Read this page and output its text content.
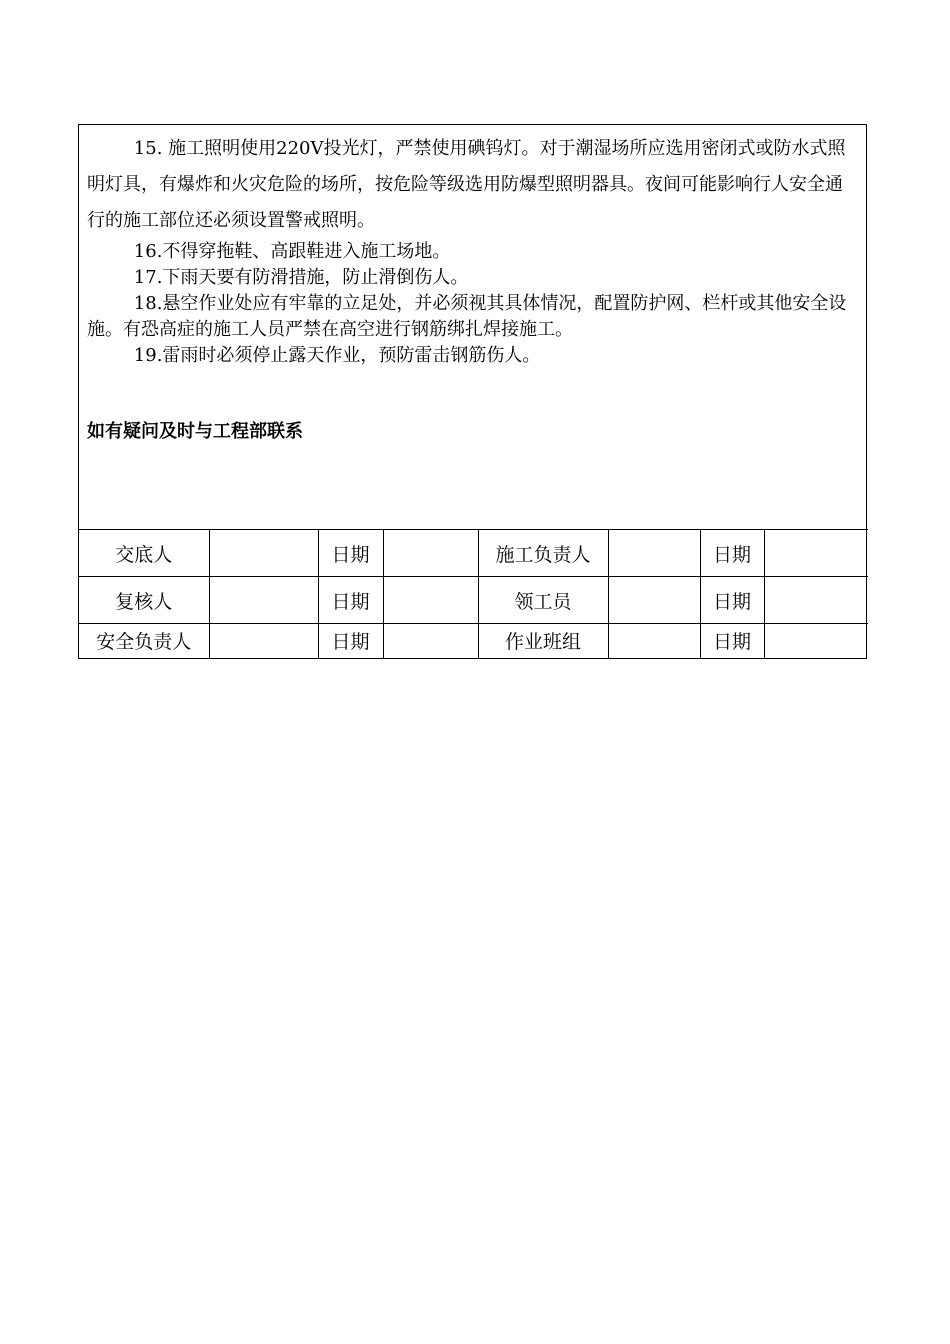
15. 施工照明使用220V投光灯，严禁使用碘钨灯。对于潮湿场所应选用密闭式或防水式照明灯具，有爆炸和火灾危险的场所，按危险等级选用防爆型照明器具。夜间可能影响行人安全通行的施工部位还必须设置警戒照明。

16.不得穿拖鞋、高跟鞋进入施工场地。

17.下雨天要有防滑措施，防止滑倒伤人。

18.悬空作业处应有牢靠的立足处，并必须视其具体情况，配置防护网、栏杆或其他安全设施。有恐高症的施工人员严禁在高空进行钢筋绑扎焊接施工。

19.雷雨时必须停止露天作业，预防雷击钢筋伤人。

如有疑问及时与工程部联系

交底人		日期		施工负责人		日期	
复核人		日期		领工员		日期	
安全负责人		日期		作业班组		日期	
